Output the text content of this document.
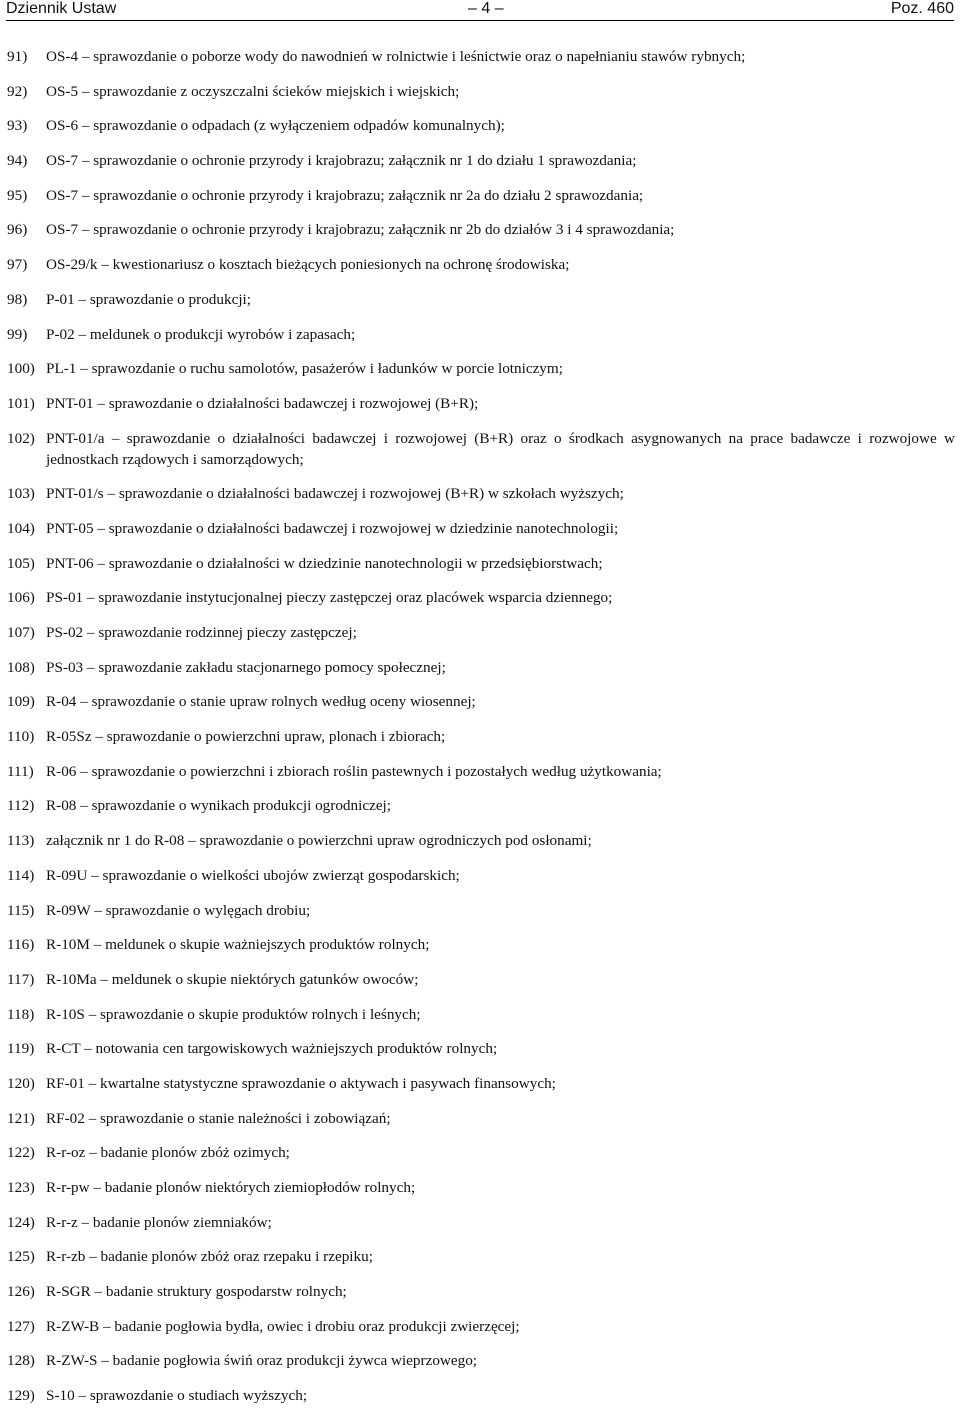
Dziennik Ustaw	– 4 –	Poz. 460
91)	OS-4 – sprawozdanie o poborze wody do nawodnień w rolnictwie i leśnictwie oraz o napełnianiu stawów rybnych;
92)	OS-5 – sprawozdanie z oczyszczalni ścieków miejskich i wiejskich;
93)	OS-6 – sprawozdanie o odpadach (z wyłączeniem odpadów komunalnych);
94)	OS-7 – sprawozdanie o ochronie przyrody i krajobrazu; załącznik nr 1 do działu 1 sprawozdania;
95)	OS-7 – sprawozdanie o ochronie przyrody i krajobrazu; załącznik nr 2a do działu 2 sprawozdania;
96)	OS-7 – sprawozdanie o ochronie przyrody i krajobrazu; załącznik nr 2b do działów 3 i 4 sprawozdania;
97)	OS-29/k – kwestionariusz o kosztach bieżących poniesionych na ochronę środowiska;
98)	P-01 – sprawozdanie o produkcji;
99)	P-02 – meldunek o produkcji wyrobów i zapasach;
100) PL-1 – sprawozdanie o ruchu samolotów, pasażerów i ładunków w porcie lotniczym;
101) PNT-01 – sprawozdanie o działalności badawczej i rozwojowej (B+R);
102) PNT-01/a – sprawozdanie o działalności badawczej i rozwojowej (B+R) oraz o środkach asygnowanych na prace badawcze i rozwojowe w jednostkach rządowych i samorządowych;
103) PNT-01/s – sprawozdanie o działalności badawczej i rozwojowej (B+R) w szkołach wyższych;
104) PNT-05 – sprawozdanie o działalności badawczej i rozwojowej w dziedzinie nanotechnologii;
105) PNT-06 – sprawozdanie o działalności w dziedzinie nanotechnologii w przedsiębiorstwach;
106) PS-01 – sprawozdanie instytucjonalnej pieczy zastępczej oraz placówek wsparcia dziennego;
107) PS-02 – sprawozdanie rodzinnej pieczy zastępczej;
108) PS-03 – sprawozdanie zakładu stacjonarnego pomocy społecznej;
109) R-04 – sprawozdanie o stanie upraw rolnych według oceny wiosennej;
110) R-05Sz – sprawozdanie o powierzchni upraw, plonach i zbiorach;
111) R-06 – sprawozdanie o powierzchni i zbiorach roślin pastewnych i pozostałych według użytkowania;
112) R-08 – sprawozdanie o wynikach produkcji ogrodniczej;
113) załącznik nr 1 do R-08 – sprawozdanie o powierzchni upraw ogrodniczych pod osłonami;
114) R-09U – sprawozdanie o wielkości ubojów zwierząt gospodarskich;
115) R-09W – sprawozdanie o wylęgach drobiu;
116) R-10M – meldunek o skupie ważniejszych produktów rolnych;
117) R-10Ma – meldunek o skupie niektórych gatunków owoców;
118) R-10S – sprawozdanie o skupie produktów rolnych i leśnych;
119) R-CT – notowania cen targowiskowych ważniejszych produktów rolnych;
120) RF-01 – kwartalne statystyczne sprawozdanie o aktywach i pasywach finansowych;
121) RF-02 – sprawozdanie o stanie należności i zobowiązań;
122) R-r-oz – badanie plonów zbóż ozimych;
123) R-r-pw – badanie plonów niektórych ziemiopłodów rolnych;
124) R-r-z – badanie plonów ziemniaków;
125) R-r-zb – badanie plonów zbóż oraz rzepaku i rzepiku;
126) R-SGR – badanie struktury gospodarstw rolnych;
127) R-ZW-B – badanie pogłowia bydła, owiec i drobiu oraz produkcji zwierzęcej;
128) R-ZW-S – badanie pogłowia świń oraz produkcji żywca wieprzowego;
129) S-10 – sprawozdanie o studiach wyższych;
